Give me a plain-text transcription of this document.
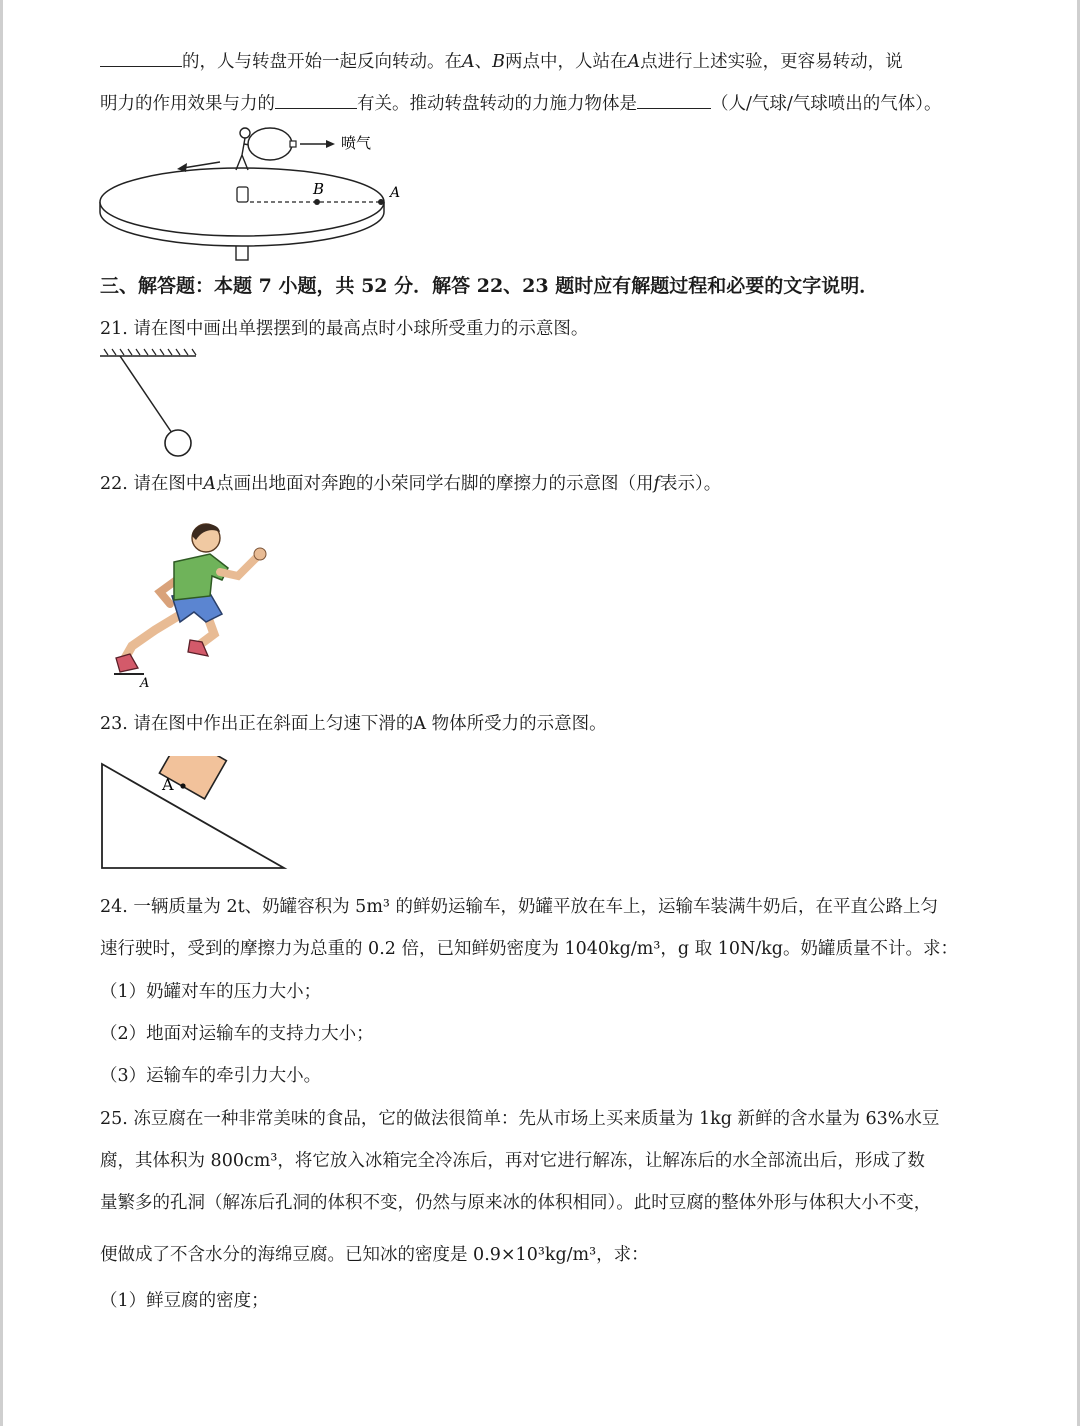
的，人与转盘开始一起反向转动。在A、B两点中，人站在A点进行上述实验，更容易转动，说
明力的作用效果与力的	有关。推动转盘转动的力施力物体是	（人/气球/气球喷出的气体）。
B	A
喷气
三、解答题：本题 7 小题，共 52 分．解答 22、23 题时应有解题过程和必要的文字说明．
21. 请在图中画出单摆摆到的最高点时小球所受重力的示意图。
22. 请在图中A点画出地面对奔跑的小荣同学右脚的摩擦力的示意图（用f表示）。
A
23. 请在图中作出正在斜面上匀速下滑的A 物体所受力的示意图。
A
24. 一辆质量为 2t、奶罐容积为 5m³ 的鲜奶运输车，奶罐平放在车上，运输车装满牛奶后，在平直公路上匀
速行驶时，受到的摩擦力为总重的 0.2 倍，已知鲜奶密度为 1040kg/m³，g 取 10N/kg。奶罐质量不计。求：
（1）奶罐对车的压力大小；
（2）地面对运输车的支持力大小；
（3）运输车的牵引力大小。
25. 冻豆腐在一种非常美味的食品，它的做法很简单：先从市场上买来质量为 1kg 新鲜的含水量为 63%水豆
腐，其体积为 800cm³，将它放入冰箱完全冷冻后，再对它进行解冻，让解冻后的水全部流出后，形成了数
量繁多的孔洞（解冻后孔洞的体积不变，仍然与原来冰的体积相同）。此时豆腐的整体外形与体积大小不变，
便做成了不含水分的海绵豆腐。已知冰的密度是 0.9×10³kg/m³，求：
（1）鲜豆腐的密度；
